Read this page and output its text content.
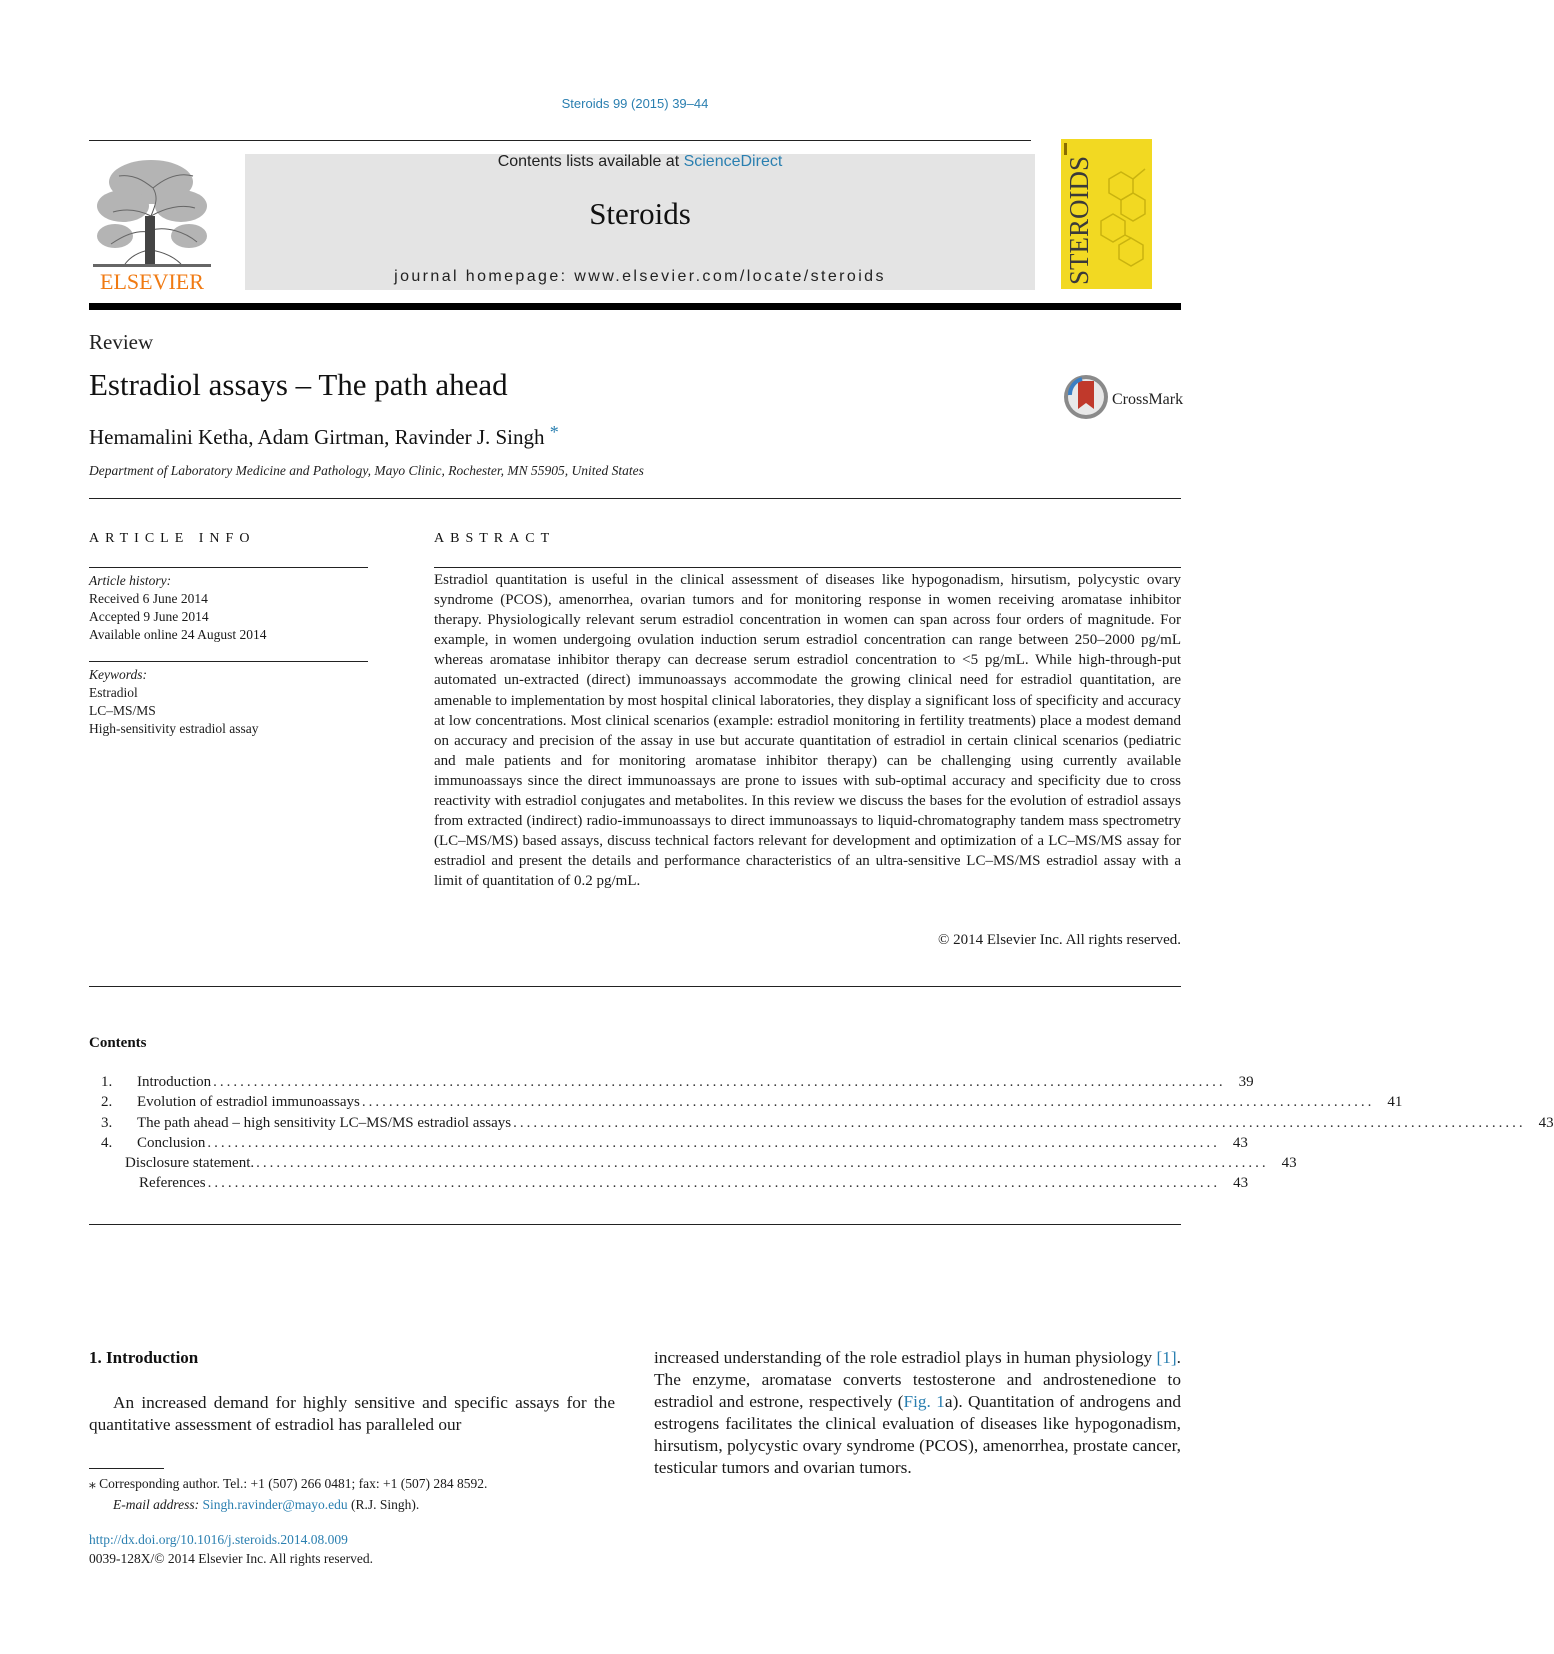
Steroids 99 (2015) 39–44
ELSEVIER
Contents lists available at ScienceDirect
Steroids
journal homepage: www.elsevier.com/locate/steroids	STEROIDS
Review
Estradiol assays – The path ahead	CrossMark
Hemamalini Ketha, Adam Girtman, Ravinder J. Singh *
Department of Laboratory Medicine and Pathology, Mayo Clinic, Rochester, MN 55905, United States
ARTICLE INFO
Article history:
Received 6 June 2014
Accepted 9 June 2014
Available online 24 August 2014
Keywords:
Estradiol
LC–MS/MS
High-sensitivity estradiol assay
ABSTRACT
Estradiol quantitation is useful in the clinical assessment of diseases like hypogonadism, hirsutism, polycystic ovary syndrome (PCOS), amenorrhea, ovarian tumors and for monitoring response in women receiving aromatase inhibitor therapy. Physiologically relevant serum estradiol concentration in women can span across four orders of magnitude. For example, in women undergoing ovulation induction serum estradiol concentration can range between 250–2000 pg/mL whereas aromatase inhibitor therapy can decrease serum estradiol concentration to <5 pg/mL. While high-through-put automated un-extracted (direct) immunoassays accommodate the growing clinical need for estradiol quantitation, are amenable to implementation by most hospital clinical laboratories, they display a significant loss of specificity and accuracy at low concentrations. Most clinical scenarios (example: estradiol monitoring in fertility treatments) place a modest demand on accuracy and precision of the assay in use but accurate quantitation of estradiol in certain clinical scenarios (pediatric and male patients and for monitoring aromatase inhibitor therapy) can be challenging using currently available immunoassays since the direct immunoassays are prone to issues with sub-optimal accuracy and specificity due to cross reactivity with estradiol conjugates and metabolites. In this review we discuss the bases for the evolution of estradiol assays from extracted (indirect) radio-immunoassays to direct immunoassays to liquid-chromatography tandem mass spectrometry (LC–MS/MS) based assays, discuss technical factors relevant for development and optimization of a LC–MS/MS assay for estradiol and present the details and performance characteristics of an ultra-sensitive LC–MS/MS estradiol assay with a limit of quantitation of 0.2 pg/mL.
© 2014 Elsevier Inc. All rights reserved.
Contents
1.	Introduction ...................................................................................................................................................... 39
2.	Evolution of estradiol immunoassays ...................................................................................................................................................... 41
3.	The path ahead – high sensitivity LC–MS/MS estradiol assays ...................................................................................................................................................... 43
4.	Conclusion ...................................................................................................................................................... 43
Disclosure statement. ...................................................................................................................................................... 43
References ...................................................................................................................................................... 43
1. Introduction
An increased demand for highly sensitive and specific assays for the quantitative assessment of estradiol has paralleled our
increased understanding of the role estradiol plays in human physiology [1]. The enzyme, aromatase converts testosterone and androstenedione to estradiol and estrone, respectively (Fig. 1a). Quantitation of androgens and estrogens facilitates the clinical evaluation of diseases like hypogonadism, hirsutism, polycystic ovary syndrome (PCOS), amenorrhea, prostate cancer, testicular tumors and ovarian tumors.
⁎ Corresponding author. Tel.: +1 (507) 266 0481; fax: +1 (507) 284 8592.
E-mail address: Singh.ravinder@mayo.edu (R.J. Singh).
http://dx.doi.org/10.1016/j.steroids.2014.08.009
0039-128X/© 2014 Elsevier Inc. All rights reserved.
